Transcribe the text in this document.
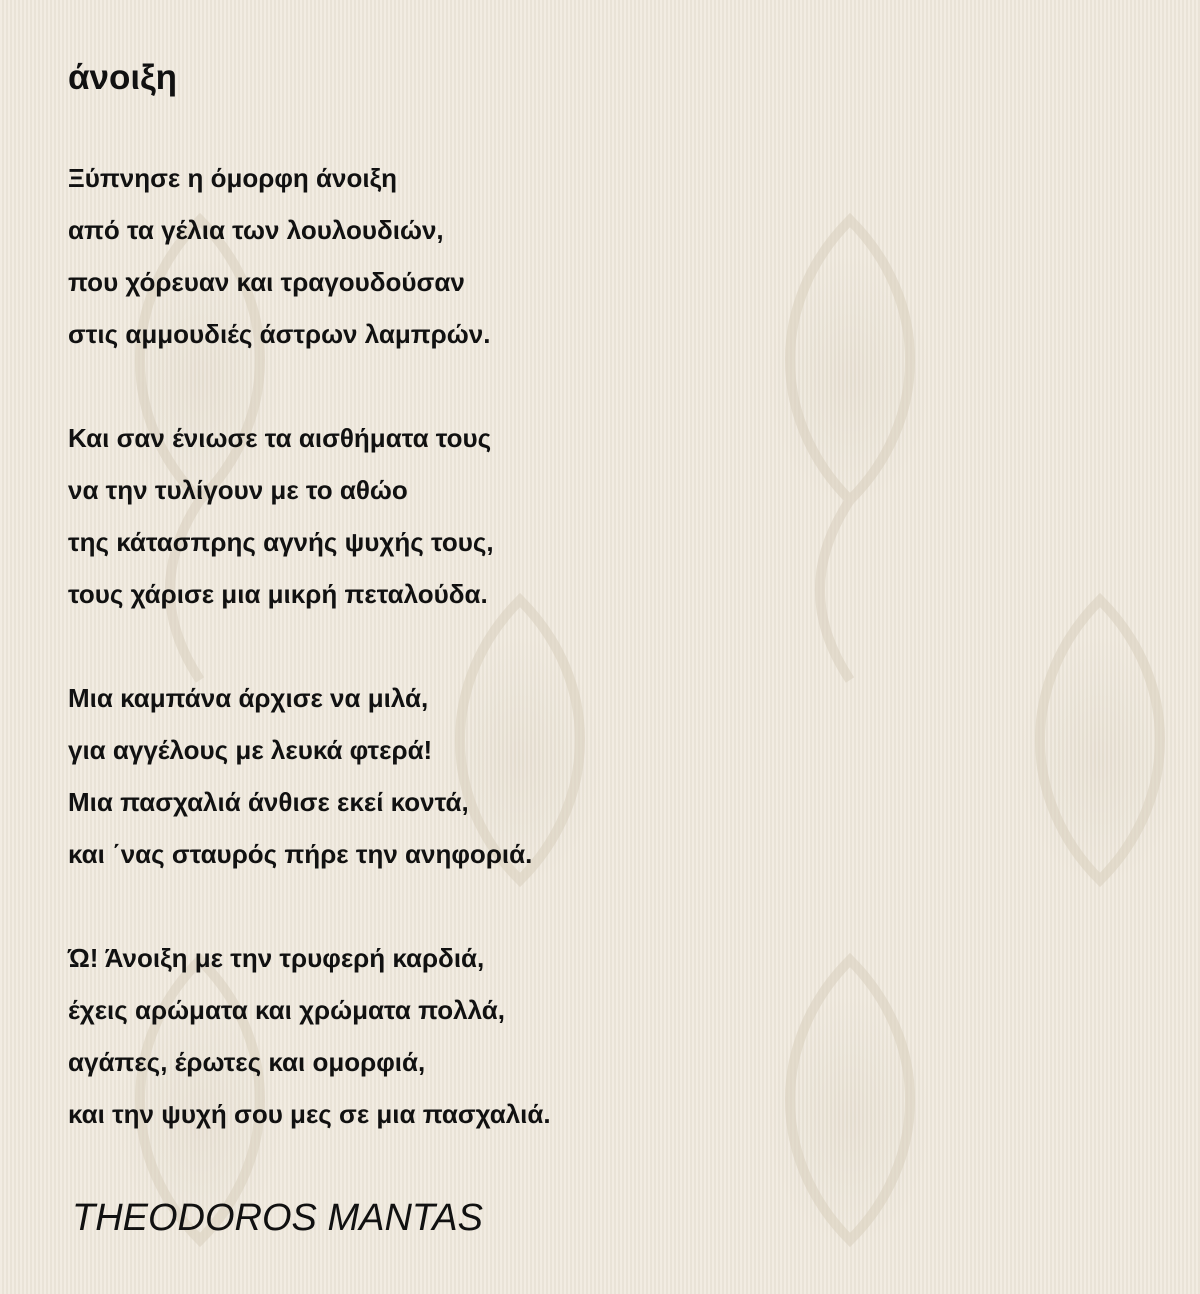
άνοιξη
Ξύπνησε η όμορφη άνοιξη
από τα γέλια των λουλουδιών,
που χόρευαν και τραγουδούσαν
στις αμμουδιές άστρων λαμπρών.
Και σαν ένιωσε τα αισθήματα τους
να την τυλίγουν με το αθώο
της κάτασπρης αγνής ψυχής τους,
τους χάρισε μια μικρή πεταλούδα.
Μια καμπάνα άρχισε να μιλά,
για αγγέλους με λευκά φτερά!
Μια πασχαλιά άνθισε εκεί κοντά,
και ΄νας σταυρός πήρε την ανηφοριά.
Ώ! Άνοιξη με την τρυφερή καρδιά,
έχεις αρώματα και χρώματα πολλά,
αγάπες, έρωτες και ομορφιά,
και την ψυχή σου μες σε μια πασχαλιά.

THEODOROS MANTAS
